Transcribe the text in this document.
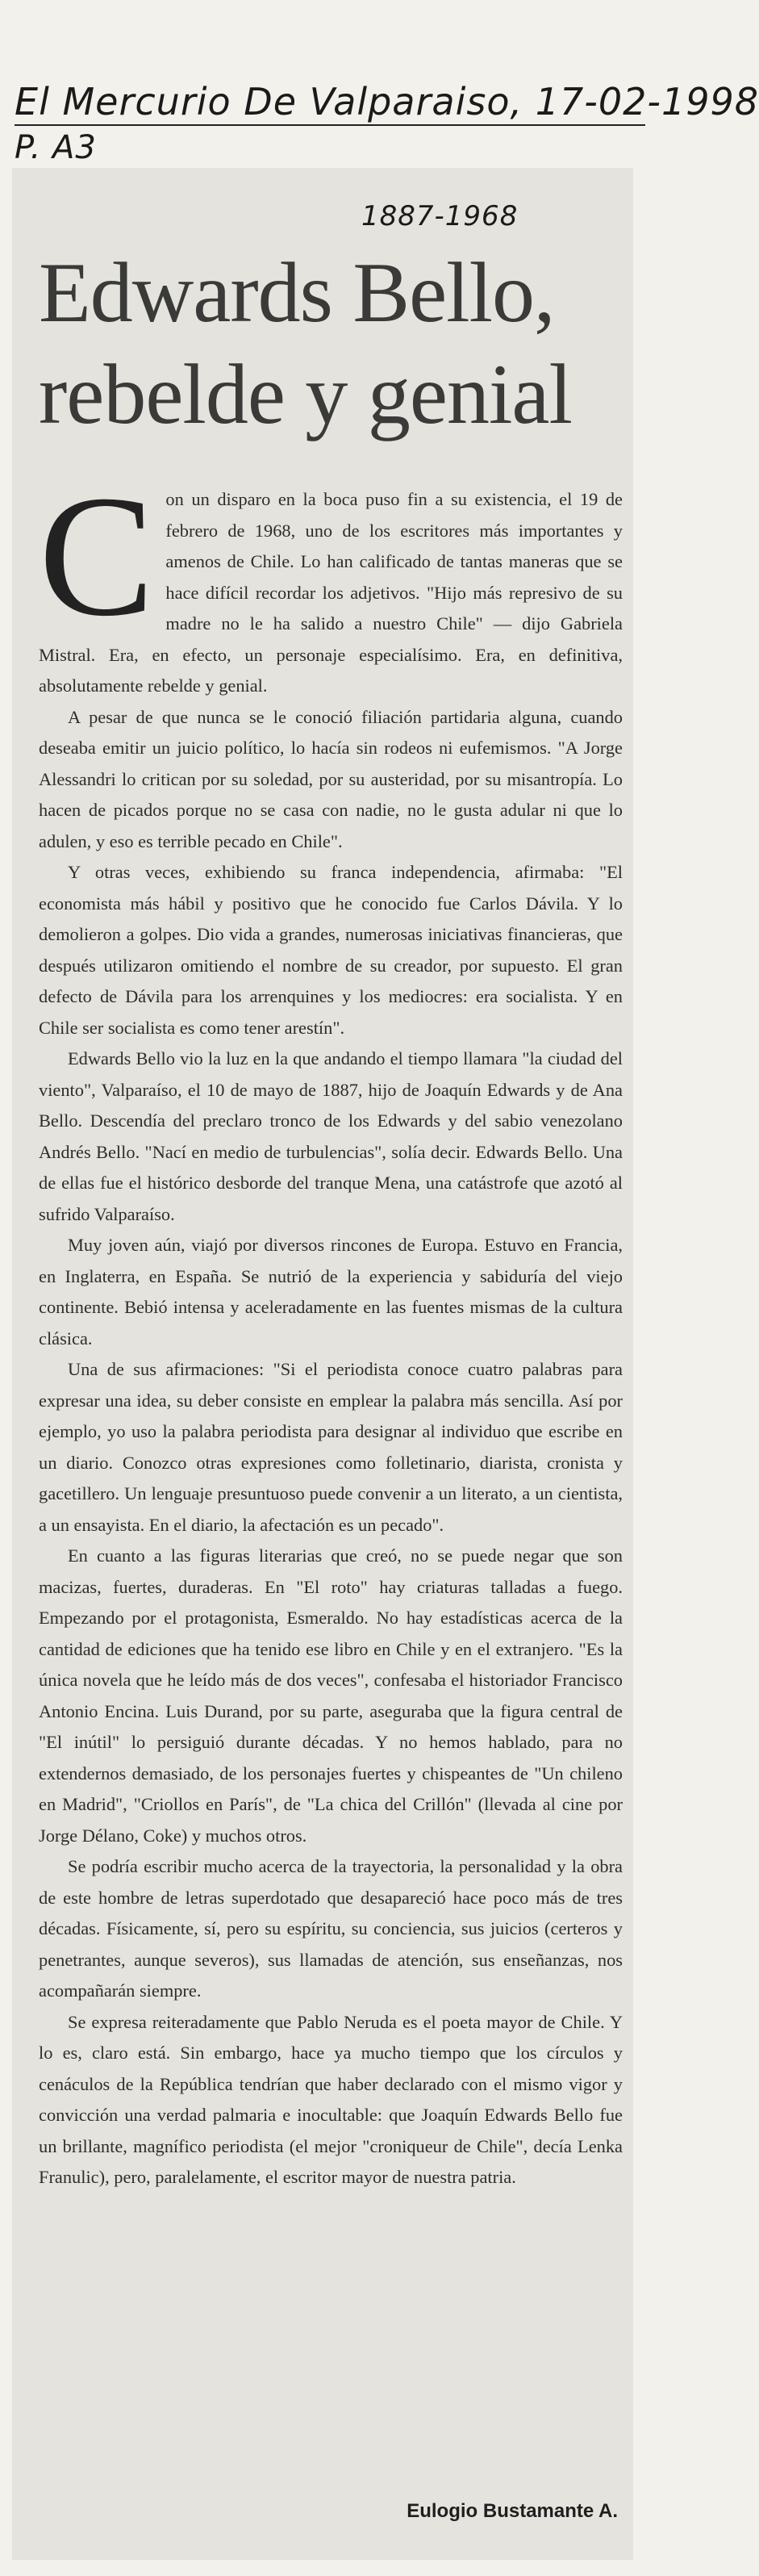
El Mercurio De Valparaiso, 17-02-1998
P. A3
1887-1968
Edwards Bello, rebelde y genial

Con un disparo en la boca puso fin a su existencia, el 19 de febrero de 1968, uno de los escritores más importantes y amenos de Chile. Lo han calificado de tantas maneras que se hace difícil recordar los adjetivos. "Hijo más represivo de su madre no le ha salido a nuestro Chile" — dijo Gabriela Mistral. Era, en efecto, un personaje especialísimo. Era, en definitiva, absolutamente rebelde y genial.

A pesar de que nunca se le conoció filiación partidaria alguna, cuando deseaba emitir un juicio político, lo hacía sin rodeos ni eufemismos. "A Jorge Alessandri lo critican por su soledad, por su austeridad, por su misantropía. Lo hacen de picados porque no se casa con nadie, no le gusta adular ni que lo adulen, y eso es terrible pecado en Chile".

Y otras veces, exhibiendo su franca independencia, afirmaba: "El economista más hábil y positivo que he conocido fue Carlos Dávila. Y lo demolieron a golpes. Dio vida a grandes, numerosas iniciativas financieras, que después utilizaron omitiendo el nombre de su creador, por supuesto. El gran defecto de Dávila para los arrenquines y los mediocres: era socialista. Y en Chile ser socialista es como tener arestín".

Edwards Bello vio la luz en la que andando el tiempo llamara "la ciudad del viento", Valparaíso, el 10 de mayo de 1887, hijo de Joaquín Edwards y de Ana Bello. Descendía del preclaro tronco de los Edwards y del sabio venezolano Andrés Bello. "Nací en medio de turbulencias", solía decir. Edwards Bello. Una de ellas fue el histórico desborde del tranque Mena, una catástrofe que azotó al sufrido Valparaíso.

Muy joven aún, viajó por diversos rincones de Europa. Estuvo en Francia, en Inglaterra, en España. Se nutrió de la experiencia y sabiduría del viejo continente. Bebió intensa y aceleradamente en las fuentes mismas de la cultura clásica.

Una de sus afirmaciones: "Si el periodista conoce cuatro palabras para expresar una idea, su deber consiste en emplear la palabra más sencilla. Así por ejemplo, yo uso la palabra periodista para designar al individuo que escribe en un diario. Conozco otras expresiones como folletinario, diarista, cronista y gacetillero. Un lenguaje presuntuoso puede convenir a un literato, a un cientista, a un ensayista. En el diario, la afectación es un pecado".

En cuanto a las figuras literarias que creó, no se puede negar que son macizas, fuertes, duraderas. En "El roto" hay criaturas talladas a fuego. Empezando por el protagonista, Esmeraldo. No hay estadísticas acerca de la cantidad de ediciones que ha tenido ese libro en Chile y en el extranjero. "Es la única novela que he leído más de dos veces", confesaba el historiador Francisco Antonio Encina. Luis Durand, por su parte, aseguraba que la figura central de "El inútil" lo persiguió durante décadas. Y no hemos hablado, para no extendernos demasiado, de los personajes fuertes y chispeantes de "Un chileno en Madrid", "Criollos en París", de "La chica del Crillón" (llevada al cine por Jorge Délano, Coke) y muchos otros.

Se podría escribir mucho acerca de la trayectoria, la personalidad y la obra de este hombre de letras superdotado que desapareció hace poco más de tres décadas. Físicamente, sí, pero su espíritu, su conciencia, sus juicios (certeros y penetrantes, aunque severos), sus llamadas de atención, sus enseñanzas, nos acompañarán siempre.

Se expresa reiteradamente que Pablo Neruda es el poeta mayor de Chile. Y lo es, claro está. Sin embargo, hace ya mucho tiempo que los círculos y cenáculos de la República tendrían que haber declarado con el mismo vigor y convicción una verdad palmaria e inocultable: que Joaquín Edwards Bello fue un brillante, magnífico periodista (el mejor "croniqueur de Chile", decía Lenka Franulic), pero, paralelamente, el escritor mayor de nuestra patria.

Eulogio Bustamante A.
